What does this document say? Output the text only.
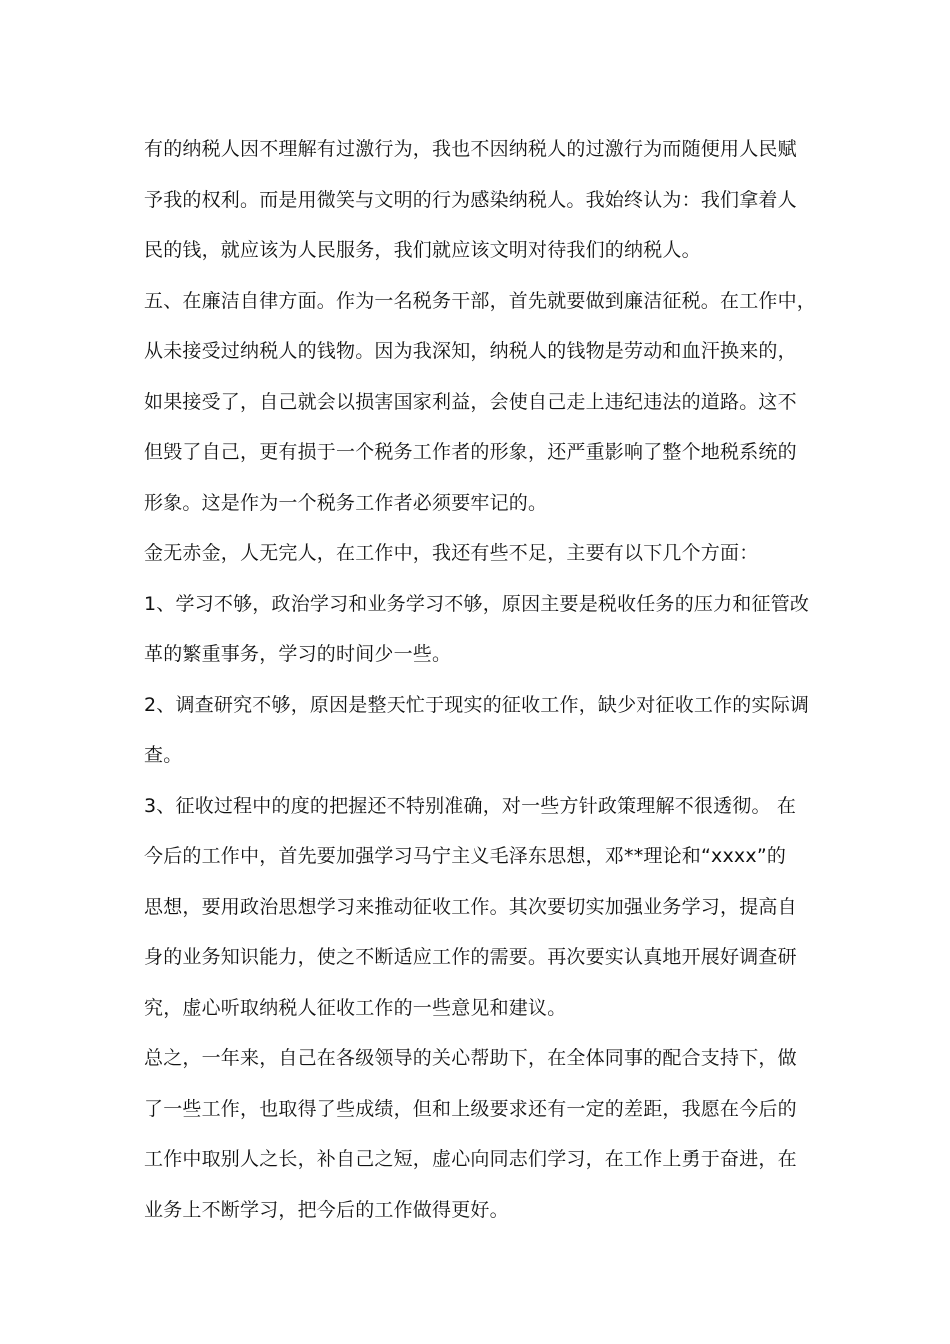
有的纳税人因不理解有过激行为，我也不因纳税人的过激行为而随便用人民赋
予我的权利。而是用微笑与文明的行为感染纳税人。我始终认为：我们拿着人
民的钱，就应该为人民服务，我们就应该文明对待我们的纳税人。
五、在廉洁自律方面。作为一名税务干部，首先就要做到廉洁征税。在工作中，
从未接受过纳税人的钱物。因为我深知，纳税人的钱物是劳动和血汗换来的，
如果接受了，自己就会以损害国家利益，会使自己走上违纪违法的道路。这不
但毁了自己，更有损于一个税务工作者的形象，还严重影响了整个地税系统的
形象。这是作为一个税务工作者必须要牢记的。
金无赤金，人无完人，在工作中，我还有些不足，主要有以下几个方面：
1、学习不够，政治学习和业务学习不够，原因主要是税收任务的压力和征管改
革的繁重事务，学习的时间少一些。
2、调查研究不够，原因是整天忙于现实的征收工作，缺少对征收工作的实际调
查。
3、征收过程中的度的把握还不特别准确，对一些方针政策理解不很透彻。 在
今后的工作中，首先要加强学习马宁主义毛泽东思想，邓**理论和“xxxx”的
思想，要用政治思想学习来推动征收工作。其次要切实加强业务学习，提高自
身的业务知识能力，使之不断适应工作的需要。再次要实认真地开展好调查研
究，虚心听取纳税人征收工作的一些意见和建议。
总之，一年来，自己在各级领导的关心帮助下，在全体同事的配合支持下，做
了一些工作，也取得了些成绩，但和上级要求还有一定的差距，我愿在今后的
工作中取别人之长，补自己之短，虚心向同志们学习，在工作上勇于奋进，在
业务上不断学习，把今后的工作做得更好。
